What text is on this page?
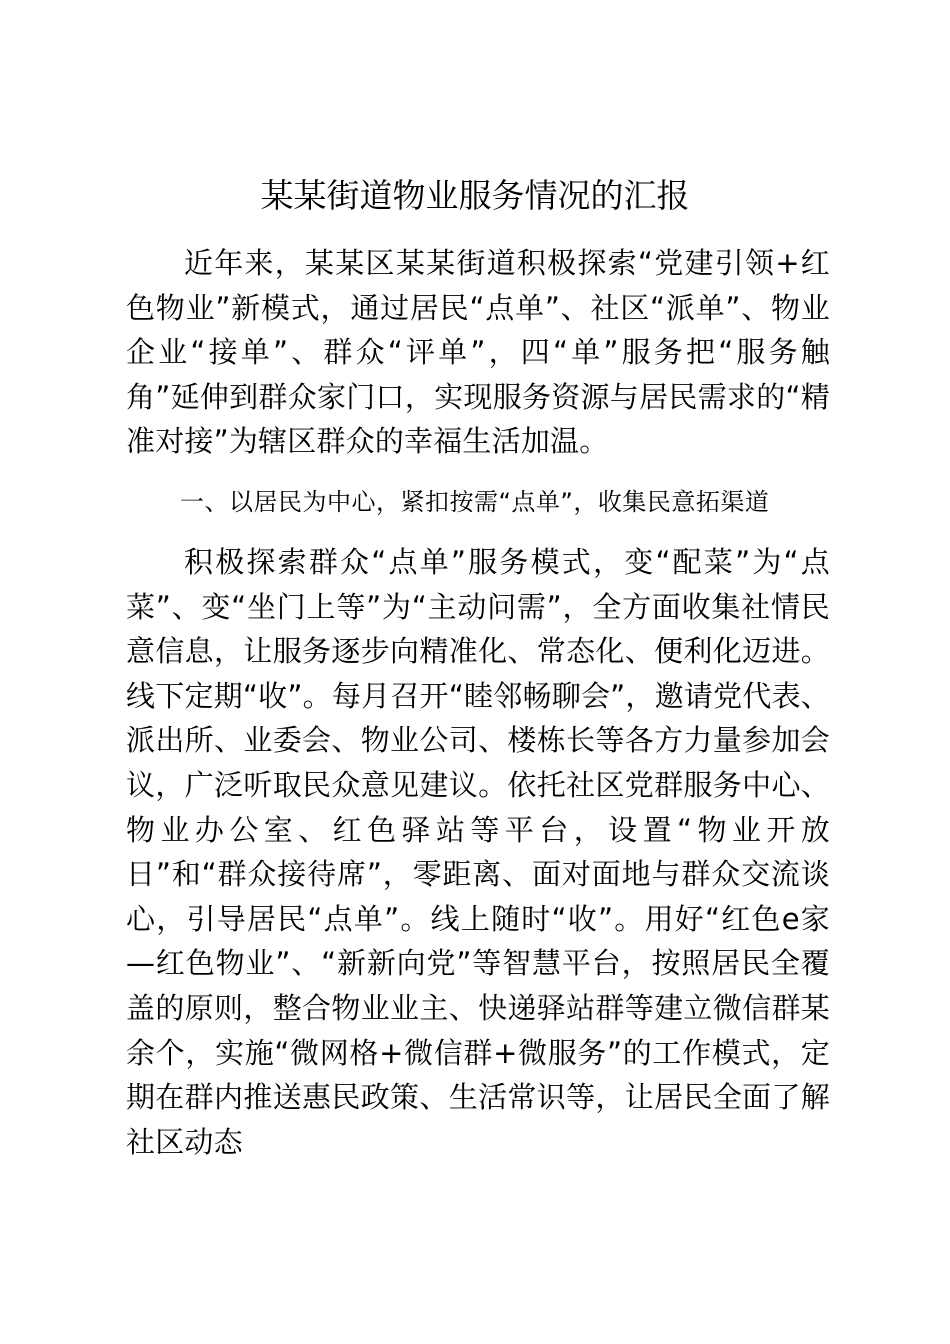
某某街道物业服务情况的汇报

近年来，某某区某某街道积极探索“党建引领+红色物业”新模式，通过居民“点单”、社区“派单”、物业企业“接单”、群众“评单”，四“单”服务把“服务触角”延伸到群众家门口，实现服务资源与居民需求的“精准对接”为辖区群众的幸福生活加温。

一、以居民为中心，紧扣按需“点单”，收集民意拓渠道

积极探索群众“点单”服务模式，变“配菜”为“点菜”、变“坐门上等”为“主动问需”，全方面收集社情民意信息，让服务逐步向精准化、常态化、便利化迈进。线下定期“收”。每月召开“睦邻畅聊会”，邀请党代表、派出所、业委会、物业公司、楼栋长等各方力量参加会议，广泛听取民众意见建议。依托社区党群服务中心、物业办公室、红色驿站等平台，设置“物业开放日”和“群众接待席”，零距离、面对面地与群众交流谈心，引导居民“点单”。线上随时“收”。用好“红色e家—红色物业”、“新新向党”等智慧平台，按照居民全覆盖的原则，整合物业业主、快递驿站群等建立微信群某余个，实施“微网格+微信群+微服务”的工作模式，定期在群内推送惠民政策、生活常识等，让居民全面了解社区动态
